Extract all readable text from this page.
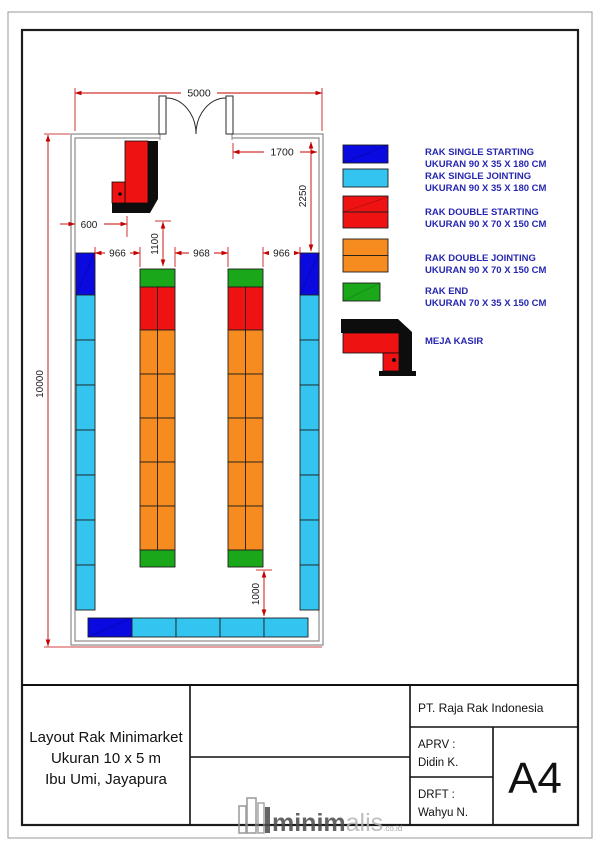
5000
1700
2250
600
1100
10000
966	968	966
1000
RAK SINGLE STARTING
UKURAN 90 X 35 X 180 CM
RAK SINGLE JOINTING
UKURAN 90 X 35 X 180 CM
RAK DOUBLE STARTING
UKURAN 90 X 70 X 150 CM
RAK DOUBLE JOINTING
UKURAN 90 X 70 X 150 CM
RAK END
UKURAN 70 X 35 X 150 CM
MEJA KASIR
Layout Rak Minimarket
Ukuran 10 x 5 m
Ibu Umi, Jayapura
PT. Raja Rak Indonesia
APRV :
Didin K.
DRFT :
Wahyu N.
A4
minimalis.co.id
